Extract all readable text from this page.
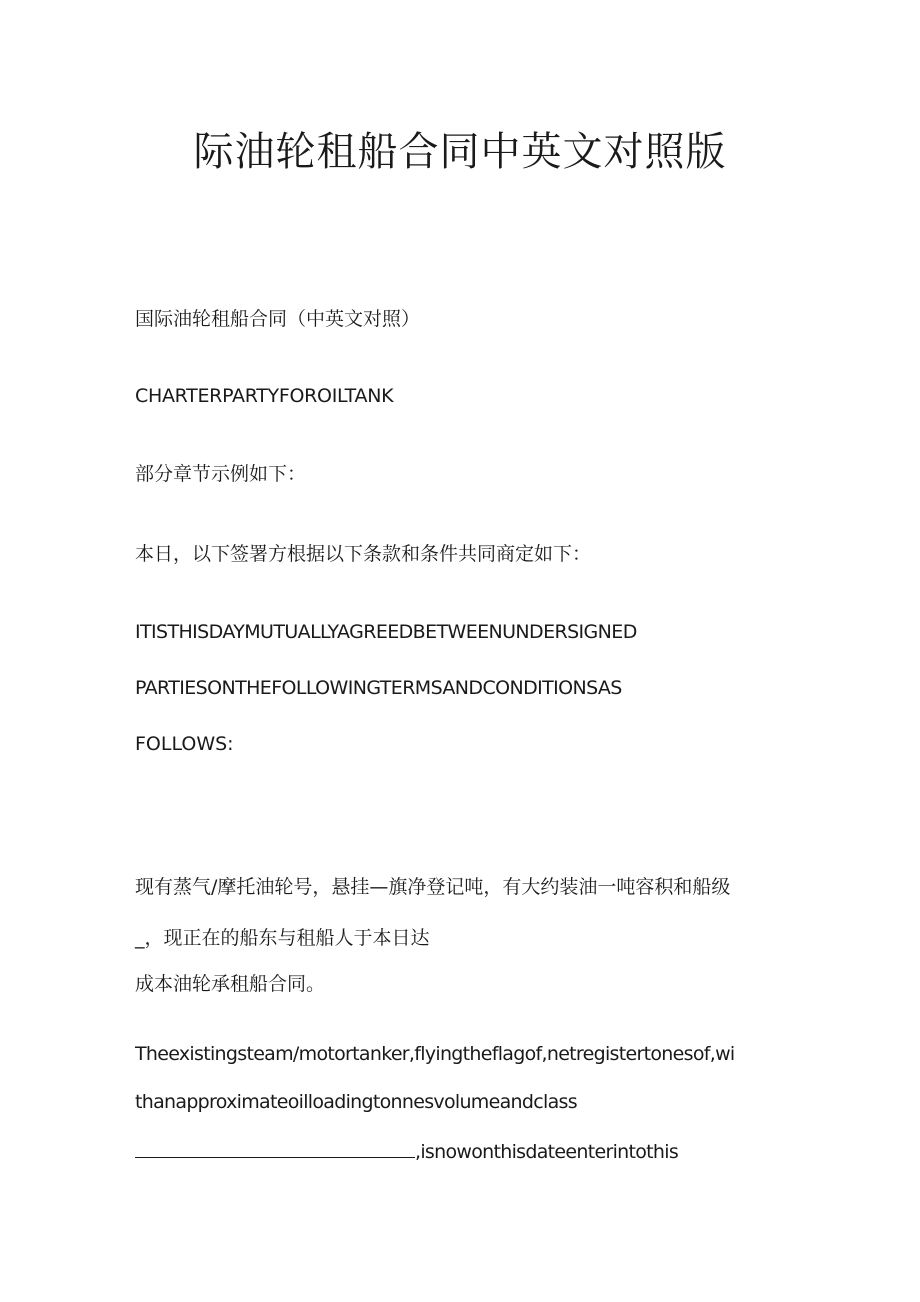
际油轮租船合同中英文对照版

国际油轮租船合同（中英文对照）

CHARTERPARTYFOROILTANK

部分章节示例如下：

本日，以下签署方根据以下条款和条件共同商定如下：

ITISTHISDAYMUTUALLYAGREEDBETWEENUNDERSIGNED

PARTIESONTHEFOLLOWINGTERMSANDCONDITIONSAS

FOLLOWS:

现有蒸气/摩托油轮号，悬挂—旗净登记吨，有大约装油一吨容积和船级

_，现正在的船东与租船人于本日达

成本油轮承租船合同。

Theexistingsteam/motortanker,flyingtheflagof,netregistertonesof,wi

thanapproximateoilloadingtonnesvolumeandclass

,isnowonthisdateenterintothis
